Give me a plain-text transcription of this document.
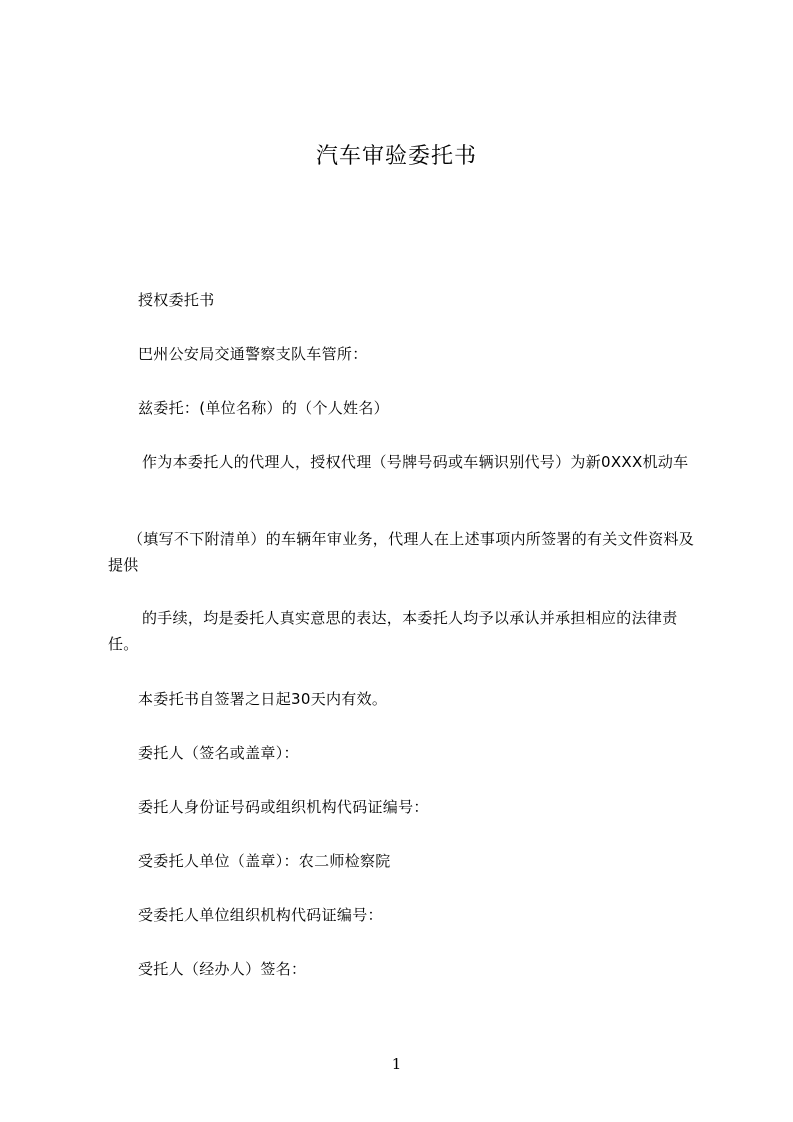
汽车审验委托书
授权委托书
巴州公安局交通警察支队车管所：
兹委托：(单位名称）的（个人姓名）
作为本委托人的代理人，授权代理（号牌号码或车辆识别代号）为新0XXX机动车
（填写不下附清单）的车辆年审业务，代理人在上述事项内所签署的有关文件资料及提供
的手续，均是委托人真实意思的表达，本委托人均予以承认并承担相应的法律责任。
本委托书自签署之日起30天内有效。
委托人（签名或盖章）：
委托人身份证号码或组织机构代码证编号：
受委托人单位（盖章）：农二师检察院
受委托人单位组织机构代码证编号：
受托人（经办人）签名：
1
